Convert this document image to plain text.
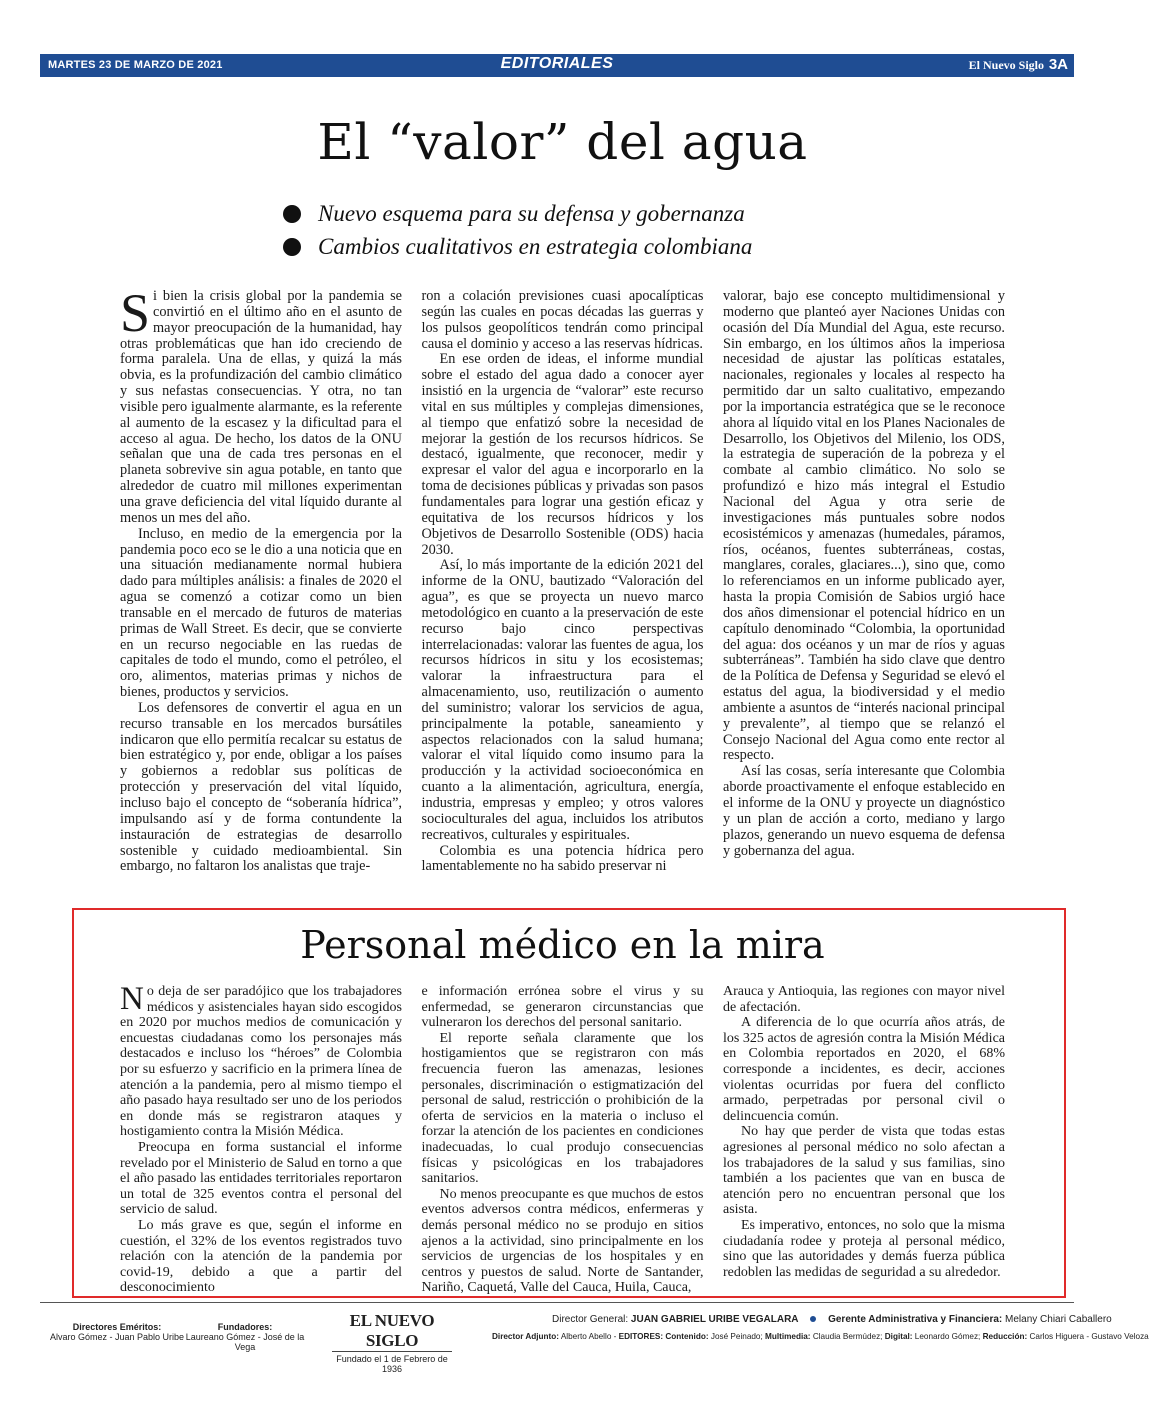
MARTES 23 DE MARZO DE 2021	EDITORIALES	El Nuevo Siglo 3A
El “valor” del agua
Nuevo esquema para su defensa y gobernanza
Cambios cualitativos en estrategia colombiana

Si bien la crisis global por la pandemia se convirtió en el último año en el asunto de mayor preocupación de la humanidad, hay otras problemáticas que han ido creciendo de forma paralela. Una de ellas, y quizá la más obvia, es la profundización del cambio climático y sus nefastas consecuencias. Y otra, no tan visible pero igualmente alarmante, es la referente al aumento de la escasez y la dificultad para el acceso al agua. De hecho, los datos de la ONU señalan que una de cada tres personas en el planeta sobrevive sin agua potable, en tanto que alrededor de cuatro mil millones experimentan una grave deficiencia del vital líquido durante al menos un mes del año.

Incluso, en medio de la emergencia por la pandemia poco eco se le dio a una noticia que en una situación medianamente normal hubiera dado para múltiples análisis: a finales de 2020 el agua se comenzó a cotizar como un bien transable en el mercado de futuros de materias primas de Wall Street. Es decir, que se convierte en un recurso negociable en las ruedas de capitales de todo el mundo, como el petróleo, el oro, alimentos, materias primas y nichos de bienes, productos y servicios.

Los defensores de convertir el agua en un recurso transable en los mercados bursátiles indicaron que ello permitía recalcar su estatus de bien estratégico y, por ende, obligar a los países y gobiernos a redoblar sus políticas de protección y preservación del vital líquido, incluso bajo el concepto de “soberanía hídrica”, impulsando así y de forma contundente la instauración de estrategias de desarrollo sostenible y cuidado medioambiental. Sin embargo, no faltaron los analistas que traje-

ron a colación previsiones cuasi apocalípticas según las cuales en pocas décadas las guerras y los pulsos geopolíticos tendrán como principal causa el dominio y acceso a las reservas hídricas.

En ese orden de ideas, el informe mundial sobre el estado del agua dado a conocer ayer insistió en la urgencia de “valorar” este recurso vital en sus múltiples y complejas dimensiones, al tiempo que enfatizó sobre la necesidad de mejorar la gestión de los recursos hídricos. Se destacó, igualmente, que reconocer, medir y expresar el valor del agua e incorporarlo en la toma de decisiones públicas y privadas son pasos fundamentales para lograr una gestión eficaz y equitativa de los recursos hídricos y los Objetivos de Desarrollo Sostenible (ODS) hacia 2030.

Así, lo más importante de la edición 2021 del informe de la ONU, bautizado “Valoración del agua”, es que se proyecta un nuevo marco metodológico en cuanto a la preservación de este recurso bajo cinco perspectivas interrelacionadas: valorar las fuentes de agua, los recursos hídricos in situ y los ecosistemas; valorar la infraestructura para el almacenamiento, uso, reutilización o aumento del suministro; valorar los servicios de agua, principalmente la potable, saneamiento y aspectos relacionados con la salud humana; valorar el vital líquido como insumo para la producción y la actividad socioeconómica en cuanto a la alimentación, agricultura, energía, industria, empresas y empleo; y otros valores socioculturales del agua, incluidos los atributos recreativos, culturales y espirituales.

Colombia es una potencia hídrica pero lamentablemente no ha sabido preservar ni

valorar, bajo ese concepto multidimensional y moderno que planteó ayer Naciones Unidas con ocasión del Día Mundial del Agua, este recurso. Sin embargo, en los últimos años la imperiosa necesidad de ajustar las políticas estatales, nacionales, regionales y locales al respecto ha permitido dar un salto cualitativo, empezando por la importancia estratégica que se le reconoce ahora al líquido vital en los Planes Nacionales de Desarrollo, los Objetivos del Milenio, los ODS, la estrategia de superación de la pobreza y el combate al cambio climático. No solo se profundizó e hizo más integral el Estudio Nacional del Agua y otra serie de investigaciones más puntuales sobre nodos ecosistémicos y amenazas (humedales, páramos, ríos, océanos, fuentes subterráneas, costas, manglares, corales, glaciares...), sino que, como lo referenciamos en un informe publicado ayer, hasta la propia Comisión de Sabios urgió hace dos años dimensionar el potencial hídrico en un capítulo denominado “Colombia, la oportunidad del agua: dos océanos y un mar de ríos y aguas subterráneas”. También ha sido clave que dentro de la Política de Defensa y Seguridad se elevó el estatus del agua, la biodiversidad y el medio ambiente a asuntos de “interés nacional principal y prevalente”, al tiempo que se relanzó el Consejo Nacional del Agua como ente rector al respecto.

Así las cosas, sería interesante que Colombia aborde proactivamente el enfoque establecido en el informe de la ONU y proyecte un diagnóstico y un plan de acción a corto, mediano y largo plazos, generando un nuevo esquema de defensa y gobernanza del agua.

Personal médico en la mira

No deja de ser paradójico que los trabajadores médicos y asistenciales hayan sido escogidos en 2020 por muchos medios de comunicación y encuestas ciudadanas como los personajes más destacados e incluso los “héroes” de Colombia por su esfuerzo y sacrificio en la primera línea de atención a la pandemia, pero al mismo tiempo el año pasado haya resultado ser uno de los periodos en donde más se registraron ataques y hostigamiento contra la Misión Médica.

Preocupa en forma sustancial el informe revelado por el Ministerio de Salud en torno a que el año pasado las entidades territoriales reportaron un total de 325 eventos contra el personal del servicio de salud.

Lo más grave es que, según el informe en cuestión, el 32% de los eventos registrados tuvo relación con la atención de la pandemia por covid-19, debido a que a partir del desconocimiento

e información errónea sobre el virus y su enfermedad, se generaron circunstancias que vulneraron los derechos del personal sanitario.

El reporte señala claramente que los hostigamientos que se registraron con más frecuencia fueron las amenazas, lesiones personales, discriminación o estigmatización del personal de salud, restricción o prohibición de la oferta de servicios en la materia o incluso el forzar la atención de los pacientes en condiciones inadecuadas, lo cual produjo consecuencias físicas y psicológicas en los trabajadores sanitarios.

No menos preocupante es que muchos de estos eventos adversos contra médicos, enfermeras y demás personal médico no se produjo en sitios ajenos a la actividad, sino principalmente en los servicios de urgencias de los hospitales y en centros y puestos de salud. Norte de Santander, Nariño, Caquetá, Valle del Cauca, Huila, Cauca,

Arauca y Antioquia, las regiones con mayor nivel de afectación.

A diferencia de lo que ocurría años atrás, de los 325 actos de agresión contra la Misión Médica en Colombia reportados en 2020, el 68% corresponde a incidentes, es decir, acciones violentas ocurridas por fuera del conflicto armado, perpetradas por personal civil o delincuencia común.

No hay que perder de vista que todas estas agresiones al personal médico no solo afectan a los trabajadores de la salud y sus familias, sino también a los pacientes que van en busca de atención pero no encuentran personal que los asista.

Es imperativo, entonces, no solo que la misma ciudadanía rodee y proteja al personal médico, sino que las autoridades y demás fuerza pública redoblen las medidas de seguridad a su alrededor.

Directores Eméritos:
Alvaro Gómez - Juan Pablo Uribe
Fundadores:
Laureano Gómez - José de la Vega
EL NUEVO SIGLO
Fundado el 1 de Febrero de 1936
Director General: JUAN GABRIEL URIBE VEGALARA	Gerente Administrativa y Financiera: Melany Chiari Caballero
Director Adjunto: Alberto Abello - EDITORES: Contenido: José Peinado; Multimedia: Claudia Bermúdez; Digital: Leonardo Gómez; Reducción: Carlos Higuera - Gustavo Veloza
